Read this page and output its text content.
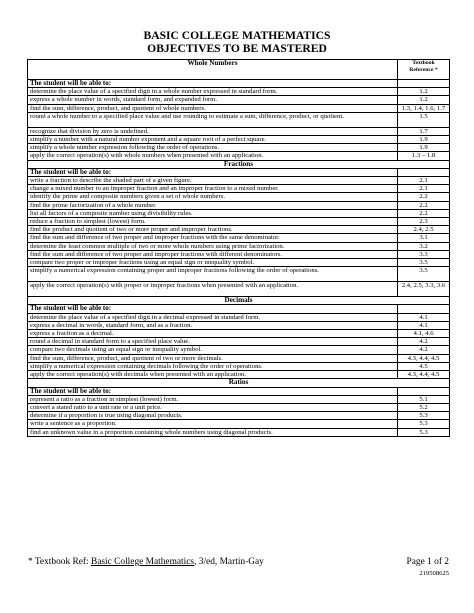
BASIC COLLEGE MATHEMATICS
OBJECTIVES TO BE MASTERED
Whole Numbers	Textbook
Reference *

The student will be able to:	
determine the place value of a specified digit in a whole number expressed in standard form.	1.2
express a whole number in words, standard form, and expanded form.	1.2
find the sum, difference, product, and quotient of whole numbers.	1.3, 1.4, 1.6, 1.7
round a whole number to a specified place value and use rounding to estimate a sum, difference, product, or quotient.	1.5
recognize that division by zero is undefined.	1.7
simplify a number with a natural number exponent and a square root of a perfect square.	1.9
simplify a whole number expression following the order of operations.	1.9
apply the correct operation(s) with whole numbers when presented with an application.	1.3 – 1.8
Fractions	
The student will be able to:	
write a fraction to describe the shaded part of a given figure.	2.1
change a mixed number to an improper fraction and an improper fraction to a mixed number.	2.1
identify the prime and composite numbers given a set of whole numbers.	2.2
find the prime factorization of a whole number.	2.2
list all factors of a composite number using divisibility rules.	2.2
reduce a fraction to simplest (lowest) form.	2.3
find the product and quotient of two or more proper and improper fractions.	2.4, 2.5
find the sum and difference of two proper and improper fractions with the same denominator.	3.1
determine the least common multiple of two or more whole numbers using prime factorization.	3.2
find the sum and difference of two proper and improper fractions with different denominators.	3.3
compare two proper or improper fractions using an equal sign or inequality symbol.	3.5
simplify a numerical expression containing proper and improper fractions following the order of operations.	3.5
apply the correct operation(s) with proper or improper fractions when presented with an application.	2.4, 2.5, 3.3, 3.6
Decimals	
The student will be able to:	
determine the place value of a specified digit in a decimal expressed in standard form.	4.1
express a decimal in words, standard form, and as a fraction.	4.1
express a fraction as a decimal.	4.1, 4.6
round a decimal in standard form to a specified place value.	4.2
compare two decimals using an equal sign or inequality symbol.	4.2
find the sum, difference, product, and quotient of two or more decimals.	4.3, 4.4, 4.5
simplify a numerical expression containing decimals following the order of operations.	4.5
apply the correct operation(s) with decimals when presented with an application.	4.3, 4.4, 4.5
Ratios	
The student will be able to:	
represent a ratio as a fraction in simplest (lowest) form.	5.1
convert a stated ratio to a unit rate or a unit price.	5.2
determine if a proportion is true using diagonal products.	5.3
write a sentence as a proportion.	5.3
find an unknown value in a proportion containing whole numbers using diagonal products.	5.3
* Textbook Ref: Basic College Mathematics, 3/ed, Martin-Gay	Page 1 of 2
219508625
